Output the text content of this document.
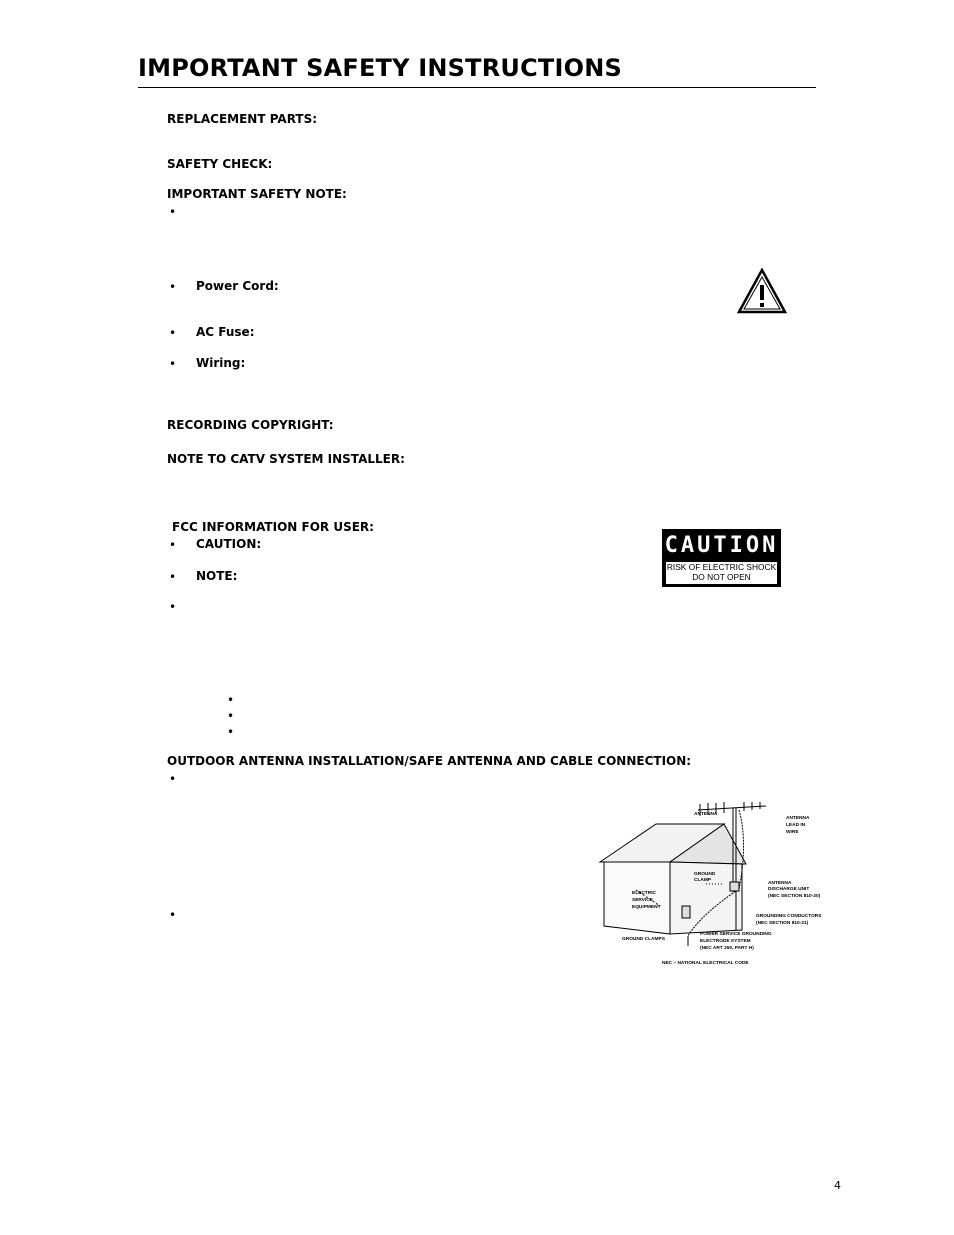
IMPORTANT SAFETY INSTRUCTIONS
REPLACEMENT PARTS:
SAFETY CHECK:
IMPORTANT SAFETY NOTE:
•
• Power Cord:
• AC Fuse:
• Wiring:
RECORDING COPYRIGHT:
NOTE TO CATV SYSTEM INSTALLER:
FCC INFORMATION FOR USER:
• CAUTION:
• NOTE:
•
CAUTION
RISK OF ELECTRIC SHOCK
DO NOT OPEN
•
•
•
OUTDOOR ANTENNA INSTALLATION/SAFE ANTENNA AND CABLE CONNECTION:
•
•
ANTENNA
ANTENNA
LEAD IN
WIRE
GROUND
CLAMP
ANTENNA
DISCHARGE UNIT
(NEC SECTION 810-20)
ELECTRIC
SERVICE
EQUIPMENT
GROUNDING CONDUCTORS
(NEC SECTION 810-21)
GROUND CLAMPS
POWER SERVICE GROUNDING
ELECTRODE SYSTEM
(NEC ART 250, PART H)
NEC – NATIONAL ELECTRICAL CODE
4
